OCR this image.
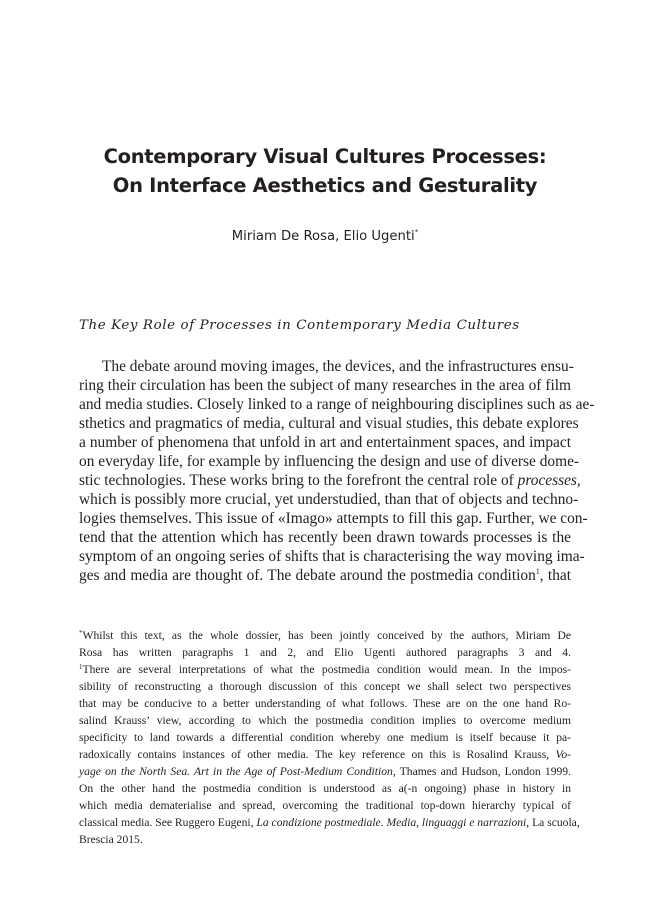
Contemporary Visual Cultures Processes:
On Interface Aesthetics and Gesturality
Miriam De Rosa, Elio Ugenti*
The Key Role of Processes in Contemporary Media Cultures
The debate around moving images, the devices, and the infrastructures ensu-
ring their circulation has been the subject of many researches in the area of film
and media studies. Closely linked to a range of neighbouring disciplines such as ae-
sthetics and pragmatics of media, cultural and visual studies, this debate explores
a number of phenomena that unfold in art and entertainment spaces, and impact
on everyday life, for example by influencing the design and use of diverse dome-
stic technologies. These works bring to the forefront the central role of processes,
which is possibly more crucial, yet understudied, than that of objects and techno-
logies themselves. This issue of «Imago» attempts to fill this gap. Further, we con-
tend that the attention which has recently been drawn towards processes is the
symptom of an ongoing series of shifts that is characterising the way moving ima-
ges and media are thought of. The debate around the postmedia condition$^1$, that
*Whilst this text, as the whole dossier, has been jointly conceived by the authors, Miriam De
Rosa has written paragraphs 1 and 2, and Elio Ugenti authored paragraphs 3 and 4.
$^1$There are several interpretations of what the postmedia condition would mean. In the impos-
sibility of reconstructing a thorough discussion of this concept we shall select two perspectives
that may be conducive to a better understanding of what follows. These are on the one hand Ro-
salind Krauss’ view, according to which the postmedia condition implies to overcome medium
specificity to land towards a differential condition whereby one medium is itself because it pa-
radoxically contains instances of other media. The key reference on this is Rosalind Krauss, Vo-
yage on the North Sea. Art in the Age of Post-Medium Condition, Thames and Hudson, London 1999.
On the other hand the postmedia condition is understood as a(-n ongoing) phase in history in
which media dematerialise and spread, overcoming the traditional top-down hierarchy typical of
classical media. See Ruggero Eugeni, La condizione postmediale. Media, linguaggi e narrazioni, La scuola,
Brescia 2015.
